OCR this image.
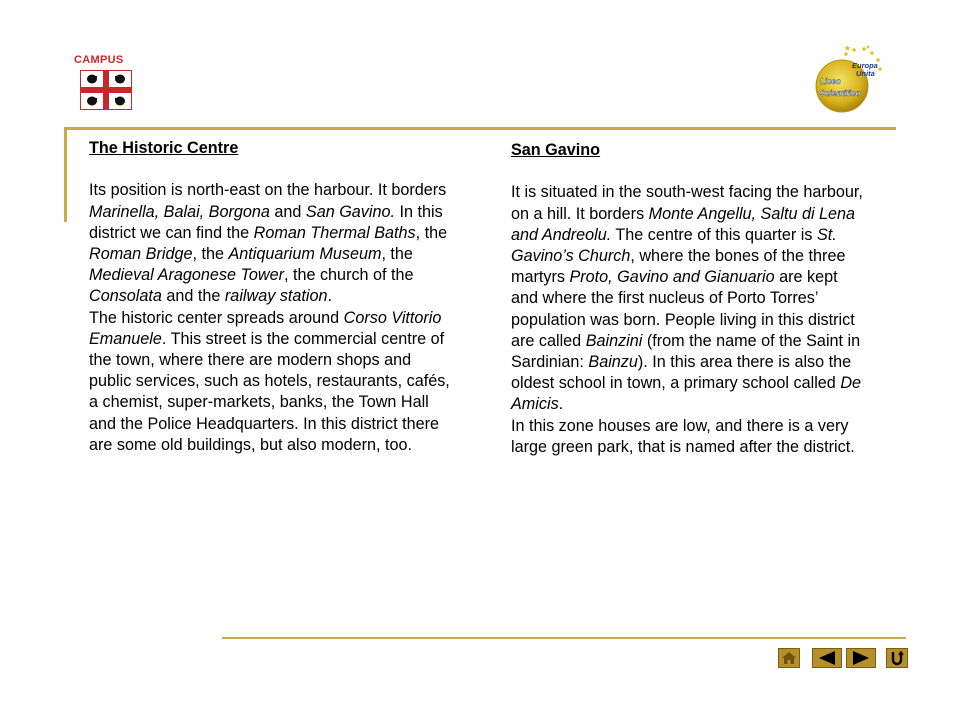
CAMPUS	Europa
Unita
Liceo
Scientifico

The Historic Centre

Its position is north-east on the harbour. It borders Marinella, Balai, Borgona and San Gavino. In this district we can find the Roman Thermal Baths, the Roman Bridge, the Antiquarium Museum, the Medieval Aragonese Tower, the church of the Consolata and the railway station.

The historic center spreads around Corso Vittorio Emanuele. This street is the commercial centre of the town, where there are modern shops and public services, such as hotels, restaurants, cafés, a chemist, super-markets, banks, the Town Hall and the Police Headquarters. In this district there are some old buildings, but also modern, too.

San Gavino

It is situated in the south-west facing the harbour, on a hill. It borders Monte Angellu, Saltu di Lena and Andreolu. The centre of this quarter is St. Gavino’s Church, where the bones of the three martyrs Proto, Gavino and Gianuario are kept and where the first nucleus of Porto Torres’ population was born. People living in this district are called Bainzini (from the name of the Saint in Sardinian: Bainzu). In this area there is also the oldest school in town, a primary school called De Amicis.

In this zone houses are low, and there is a very large green park, that is named after the district.
